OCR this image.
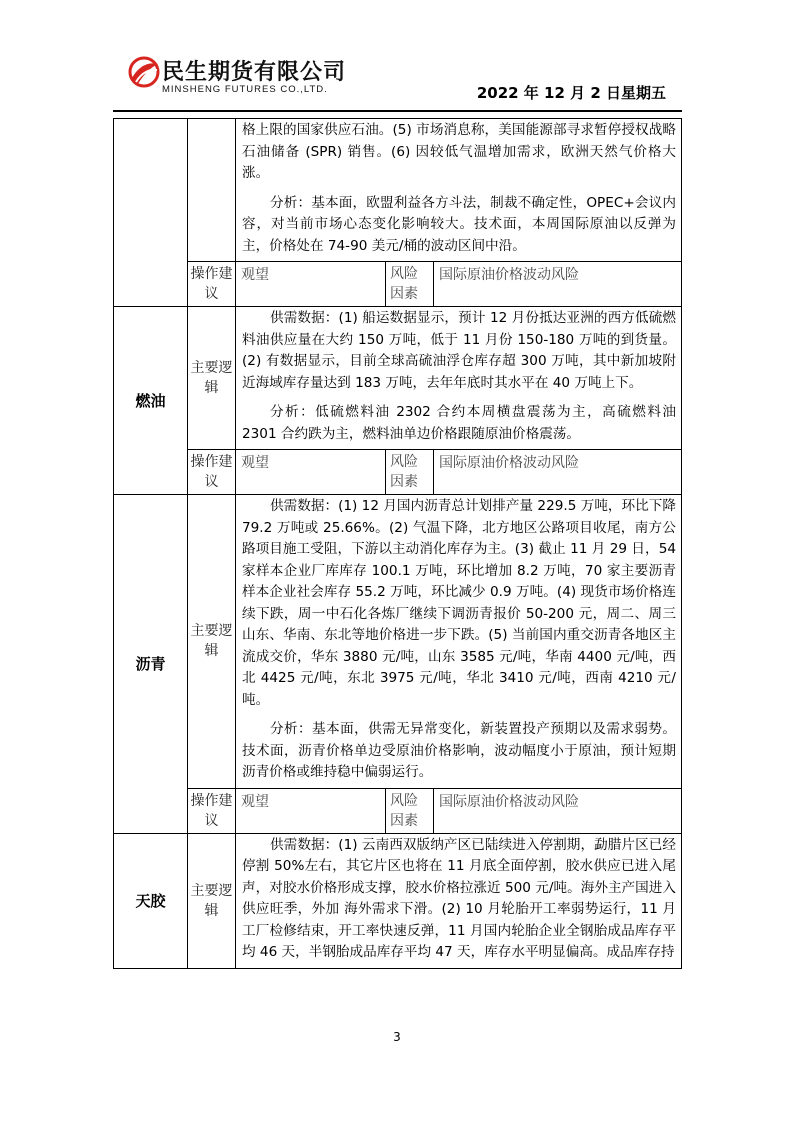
民生期货有限公司
MINSHENG FUTURES CO.,LTD.	2022 年 12 月 2 日星期五

		格上限的国家供应石油。(5) 市场消息称，美国能源部寻求暂停授权战略石油储备 (SPR) 销售。(6) 因较低气温增加需求，欧洲天然气价格大涨。

分析：基本面，欧盟利益各方斗法，制裁不确定性，OPEC+会议内容，对当前市场心态变化影响较大。技术面，本周国际原油以反弹为主，价格处在 74-90 美元/桶的波动区间中沿。		

	操作建议	观望	风险因素	国际原油价格波动风险
燃油	主要逻辑	供需数据：(1) 船运数据显示，预计 12 月份抵达亚洲的西方低硫燃料油供应量在大约 150 万吨，低于 11 月份 150-180 万吨的到货量。(2) 有数据显示，目前全球高硫油浮仓库存超 300 万吨，其中新加坡附近海域库存量达到 183 万吨，去年年底时其水平在 40 万吨上下。

分析：低硫燃料油 2302 合约本周横盘震荡为主，高硫燃料油 2301 合约跌为主，燃料油单边价格跟随原油价格震荡。		

	操作建议	观望	风险因素	国际原油价格波动风险
沥青	主要逻辑	供需数据：(1) 12 月国内沥青总计划排产量 229.5 万吨，环比下降 79.2 万吨或 25.66%。(2) 气温下降，北方地区公路项目收尾，南方公路项目施工受阻，下游以主动消化库存为主。(3) 截止 11 月 29 日，54 家样本企业厂库库存 100.1 万吨，环比增加 8.2 万吨，70 家主要沥青样本企业社会库存 55.2 万吨，环比减少 0.9 万吨。(4) 现货市场价格连续下跌，周一中石化各炼厂继续下调沥青报价 50-200 元，周二、周三山东、华南、东北等地价格进一步下跌。(5) 当前国内重交沥青各地区主流成交价，华东 3880 元/吨，山东 3585 元/吨，华南 4400 元/吨，西北 4425 元/吨，东北 3975 元/吨，华北 3410 元/吨，西南 4210 元/吨。

分析：基本面，供需无异常变化，新装置投产预期以及需求弱势。技术面，沥青价格单边受原油价格影响，波动幅度小于原油，预计短期沥青价格或维持稳中偏弱运行。		

	操作建议	观望	风险因素	国际原油价格波动风险
天胶	主要逻辑	供需数据：(1) 云南西双版纳产区已陆续进入停割期，勐腊片区已经停割 50%左右，其它片区也将在 11 月底全面停割，胶水供应已进入尾声，对胶水价格形成支撑，胶水价格拉涨近 500 元/吨。海外主产国进入供应旺季，外加 海外需求下滑。(2) 10 月轮胎开工率弱势运行，11 月工厂检修结束，开工率快速反弹，11 月国内轮胎企业全钢胎成品库存平均 46 天，半钢胎成品库存平均 47 天，库存水平明显偏高。成品库存持		

3
